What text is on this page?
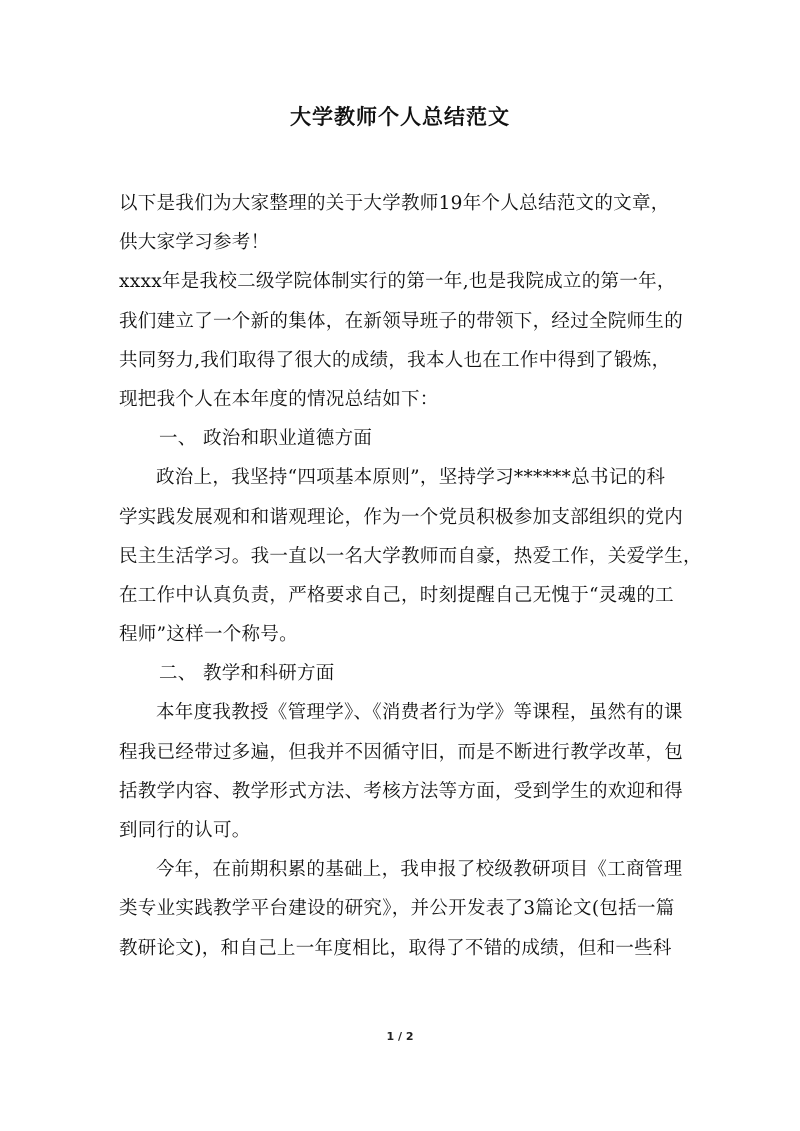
大学教师个人总结范文
以下是我们为大家整理的关于大学教师19年个人总结范文的文章，
供大家学习参考！
xxxx年是我校二级学院体制实行的第一年,也是我院成立的第一年，
我们建立了一个新的集体，在新领导班子的带领下，经过全院师生的
共同努力,我们取得了很大的成绩，我本人也在工作中得到了锻炼，
现把我个人在本年度的情况总结如下：
一、 政治和职业道德方面
政治上，我坚持“四项基本原则”，坚持学习******总书记的科
学实践发展观和和谐观理论，作为一个党员积极参加支部组织的党内
民主生活学习。我一直以一名大学教师而自豪，热爱工作，关爱学生，
在工作中认真负责，严格要求自己，时刻提醒自己无愧于“灵魂的工
程师”这样一个称号。
二、 教学和科研方面
本年度我教授《管理学》、《消费者行为学》等课程，虽然有的课
程我已经带过多遍，但我并不因循守旧，而是不断进行教学改革，包
括教学内容、教学形式方法、考核方法等方面，受到学生的欢迎和得
到同行的认可。
今年，在前期积累的基础上，我申报了校级教研项目《工商管理
类专业实践教学平台建设的研究》，并公开发表了3篇论文(包括一篇
教研论文)，和自己上一年度相比，取得了不错的成绩，但和一些科
1 / 2
